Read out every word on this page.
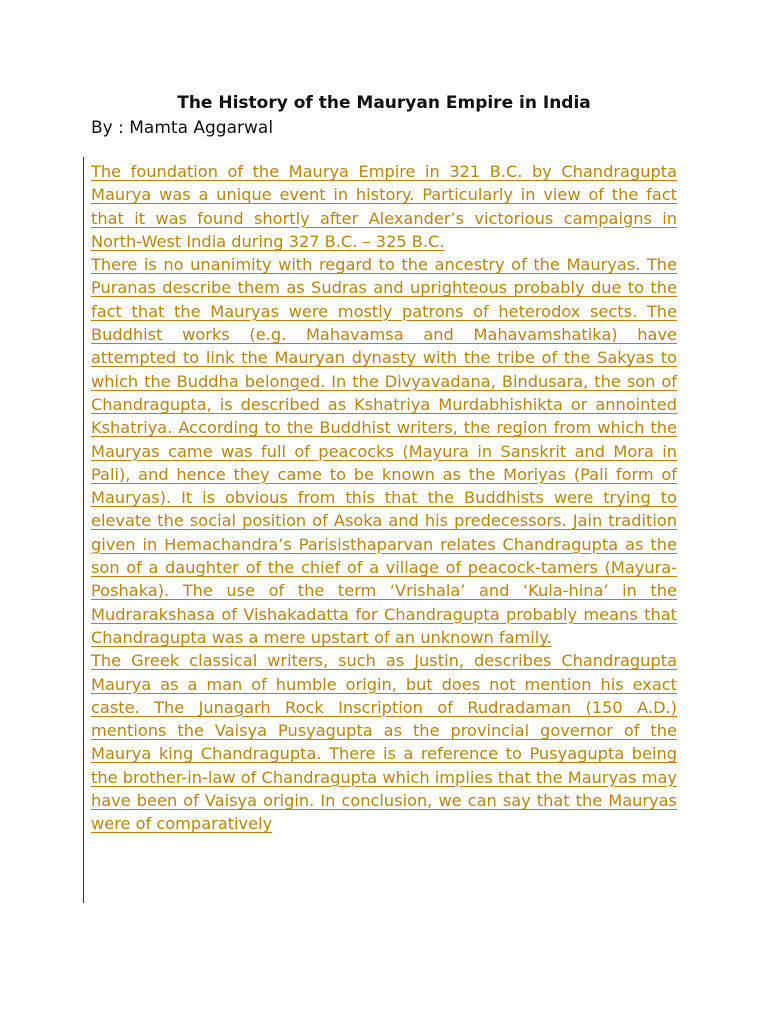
The History of the Mauryan Empire in India
By : Mamta Aggarwal

The foundation of the Maurya Empire in 321 B.C. by Chandragupta Maurya was a unique event in history. Particularly in view of the fact that it was found shortly after Alexander’s victorious campaigns in North-West India during 327 B.C. – 325 B.C.

There is no unanimity with regard to the ancestry of the Mauryas. The Puranas describe them as Sudras and uprighteous probably due to the fact that the Mauryas were mostly patrons of heterodox sects. The Buddhist works (e.g. Mahavamsa and Mahavamshatika) have attempted to link the Mauryan dynasty with the tribe of the Sakyas to which the Buddha belonged. In the Divyavadana, Bindusara, the son of Chandragupta, is described as Kshatriya Murdabhishikta or annointed Kshatriya. According to the Buddhist writers, the region from which the Mauryas came was full of peacocks (Mayura in Sanskrit and Mora in Pali), and hence they came to be known as the Moriyas (Pali form of Mauryas). It is obvious from this that the Buddhists were trying to elevate the social position of Asoka and his predecessors. Jain tradition given in Hemachandra’s Parisisthaparvan relates Chandragupta as the son of a daughter of the chief of a village of peacock-tamers (Mayura-Poshaka). The use of the term ‘Vrishala’ and ‘Kula-hina’ in the Mudrarakshasa of Vishakadatta for Chandragupta probably means that Chandragupta was a mere upstart of an unknown family.

The Greek classical writers, such as Justin, describes Chandragupta Maurya as a man of humble origin, but does not mention his exact caste. The Junagarh Rock Inscription of Rudradaman (150 A.D.) mentions the Vaisya Pusyagupta as the provincial governor of the Maurya king Chandragupta. There is a reference to Pusyagupta being the brother-in-law of Chandragupta which implies that the Mauryas may have been of Vaisya origin. In conclusion, we can say that the Mauryas were of comparatively
